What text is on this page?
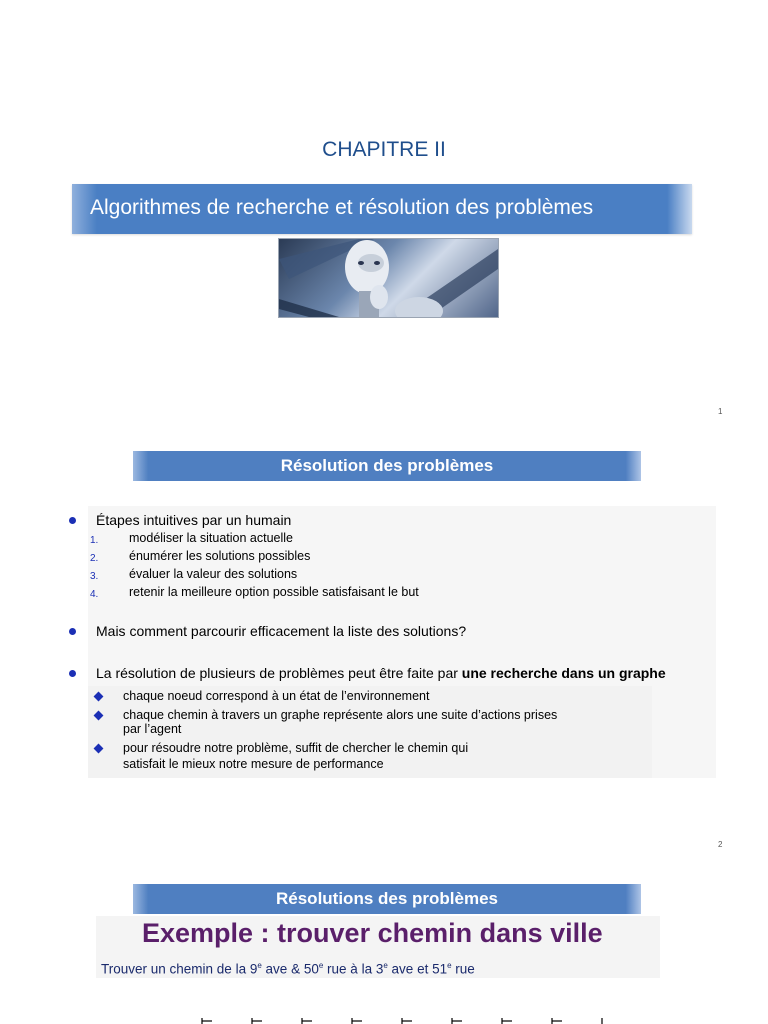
CHAPITRE II
Algorithmes de recherche et résolution des problèmes
1
Résolution des problèmes
Étapes intuitives par un humain
1. modéliser la situation actuelle
2. énumérer les solutions possibles
3. évaluer la valeur des solutions
4. retenir la meilleure option possible satisfaisant le but
Mais comment parcourir efficacement la liste des solutions?
La résolution de plusieurs de problèmes peut être faite par une recherche dans un graphe
chaque noeud correspond à un état de l’environnement
chaque chemin à travers un graphe représente alors une suite d’actions prises
par l’agent
pour résoudre notre problème, suffit de chercher le chemin qui
satisfait le mieux notre mesure de performance
2
Résolutions des problèmes
Exemple : trouver chemin dans ville
Trouver un chemin de la 9e ave & 50e rue à la 3e ave et 51e rue
